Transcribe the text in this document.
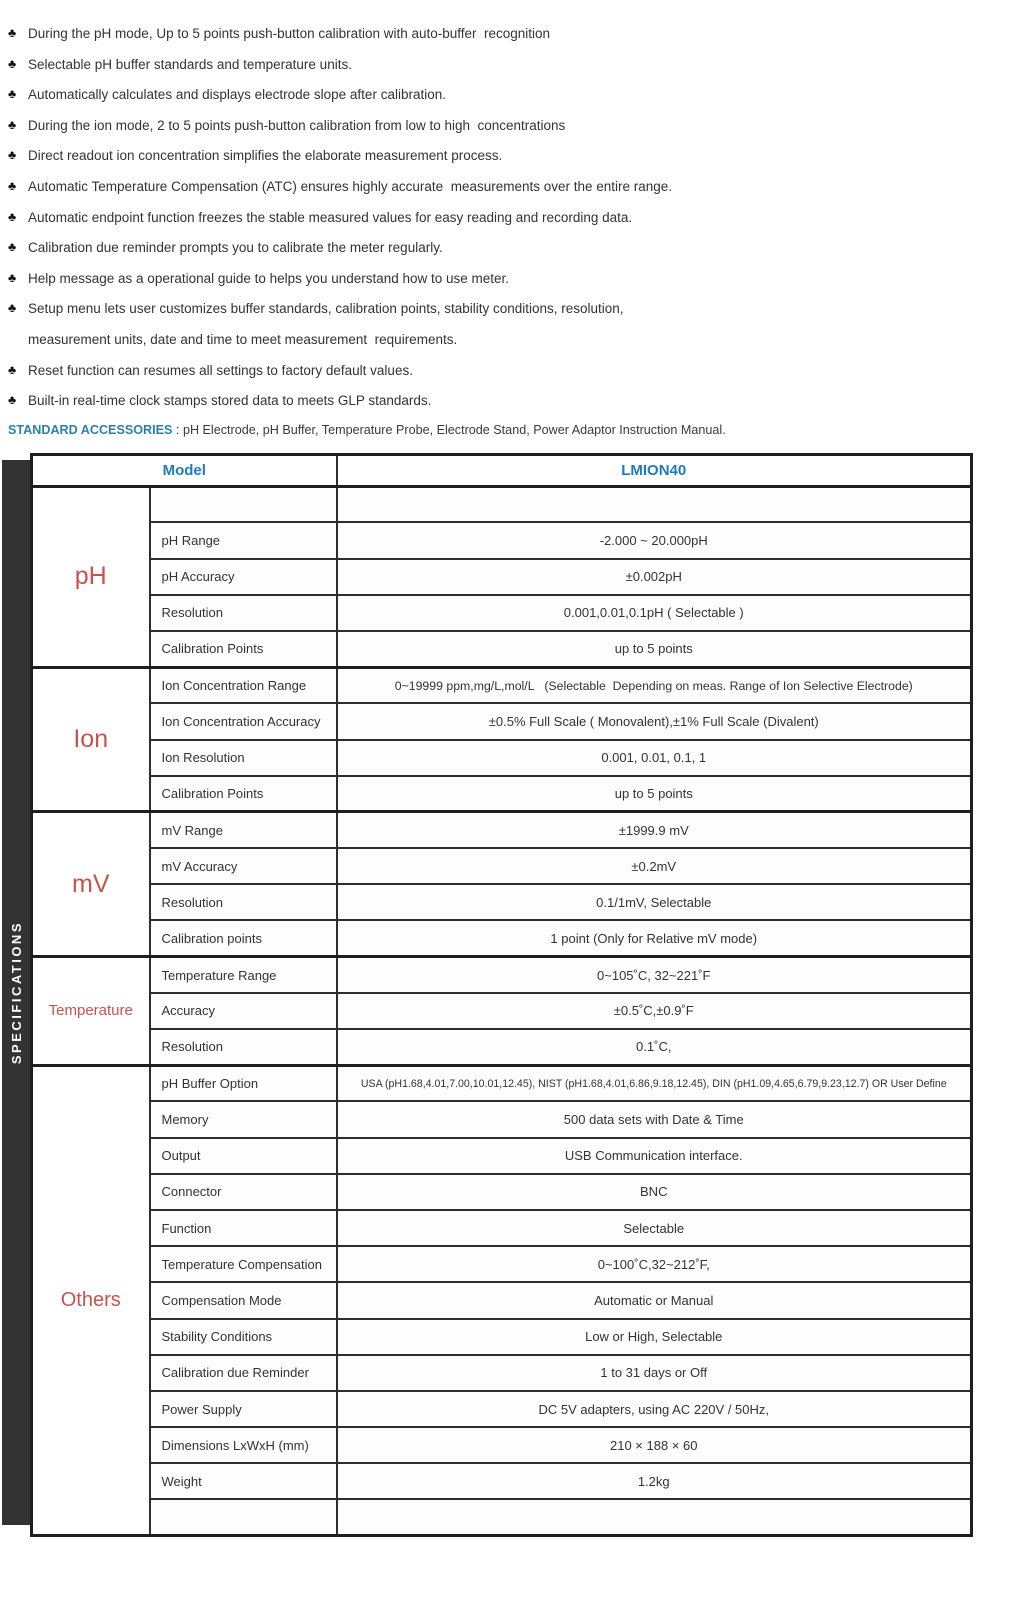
♣ During the pH mode, Up to 5 points push-button calibration with auto-buffer  recognition
♣ Selectable pH buffer standards and temperature units.
♣ Automatically calculates and displays electrode slope after calibration.
♣ During the ion mode, 2 to 5 points push-button calibration from low to high  concentrations
♣ Direct readout ion concentration simplifies the elaborate measurement process.
♣ Automatic Temperature Compensation (ATC) ensures highly accurate  measurements over the entire range.
♣ Automatic endpoint function freezes the stable measured values for easy reading and recording data.
♣ Calibration due reminder prompts you to calibrate the meter regularly.
♣ Help message as a operational guide to helps you understand how to use meter.
♣ Setup menu lets user customizes buffer standards, calibration points, stability conditions, resolution,
measurement units, date and time to meet measurement  requirements.
♣ Reset function can resumes all settings to factory default values.
♣ Built-in real-time clock stamps stored data to meets GLP standards.
STANDARD ACCESSORIES : pH Electrode, pH Buffer, Temperature Probe, Electrode Stand, Power Adaptor Instruction Manual.
SPECIFICATIONS
Model		LMION40
pH		
	pH Range	-2.000 ~ 20.000pH
	pH Accuracy	±0.002pH
	Resolution	0.001,0.01,0.1pH ( Selectable )
	Calibration Points	up to 5 points
Ion	Ion Concentration Range	0~19999 ppm,mg/L,mol/L   (Selectable  Depending on meas. Range of Ion Selective Electrode)
	Ion Concentration Accuracy	±0.5% Full Scale ( Monovalent),±1% Full Scale (Divalent)
	Ion Resolution	0.001, 0.01, 0.1, 1
	Calibration Points	up to 5 points
mV	mV Range	±1999.9 mV
	mV Accuracy	±0.2mV
	Resolution	0.1/1mV, Selectable
	Calibration points	1 point (Only for Relative mV mode)
Temperature	Temperature Range	0~105˚C, 32~221˚F
	Accuracy	±0.5˚C,±0.9˚F
	Resolution	0.1˚C,
Others	pH Buffer Option	USA (pH1.68,4.01,7.00,10.01,12.45), NIST (pH1.68,4.01,6.86,9.18,12.45), DIN (pH1.09,4.65,6.79,9.23,12.7) OR User Define
	Memory	500 data sets with Date & Time
	Output	USB Communication interface.
	Connector	BNC
	Function	Selectable
	Temperature Compensation	0~100˚C,32~212˚F,
	Compensation Mode	Automatic or Manual
	Stability Conditions	Low or High, Selectable
	Calibration due Reminder	1 to 31 days or Off
	Power Supply	DC 5V adapters, using AC 220V / 50Hz,
	Dimensions LxWxH (mm)	210 × 188 × 60
	Weight	1.2kg
